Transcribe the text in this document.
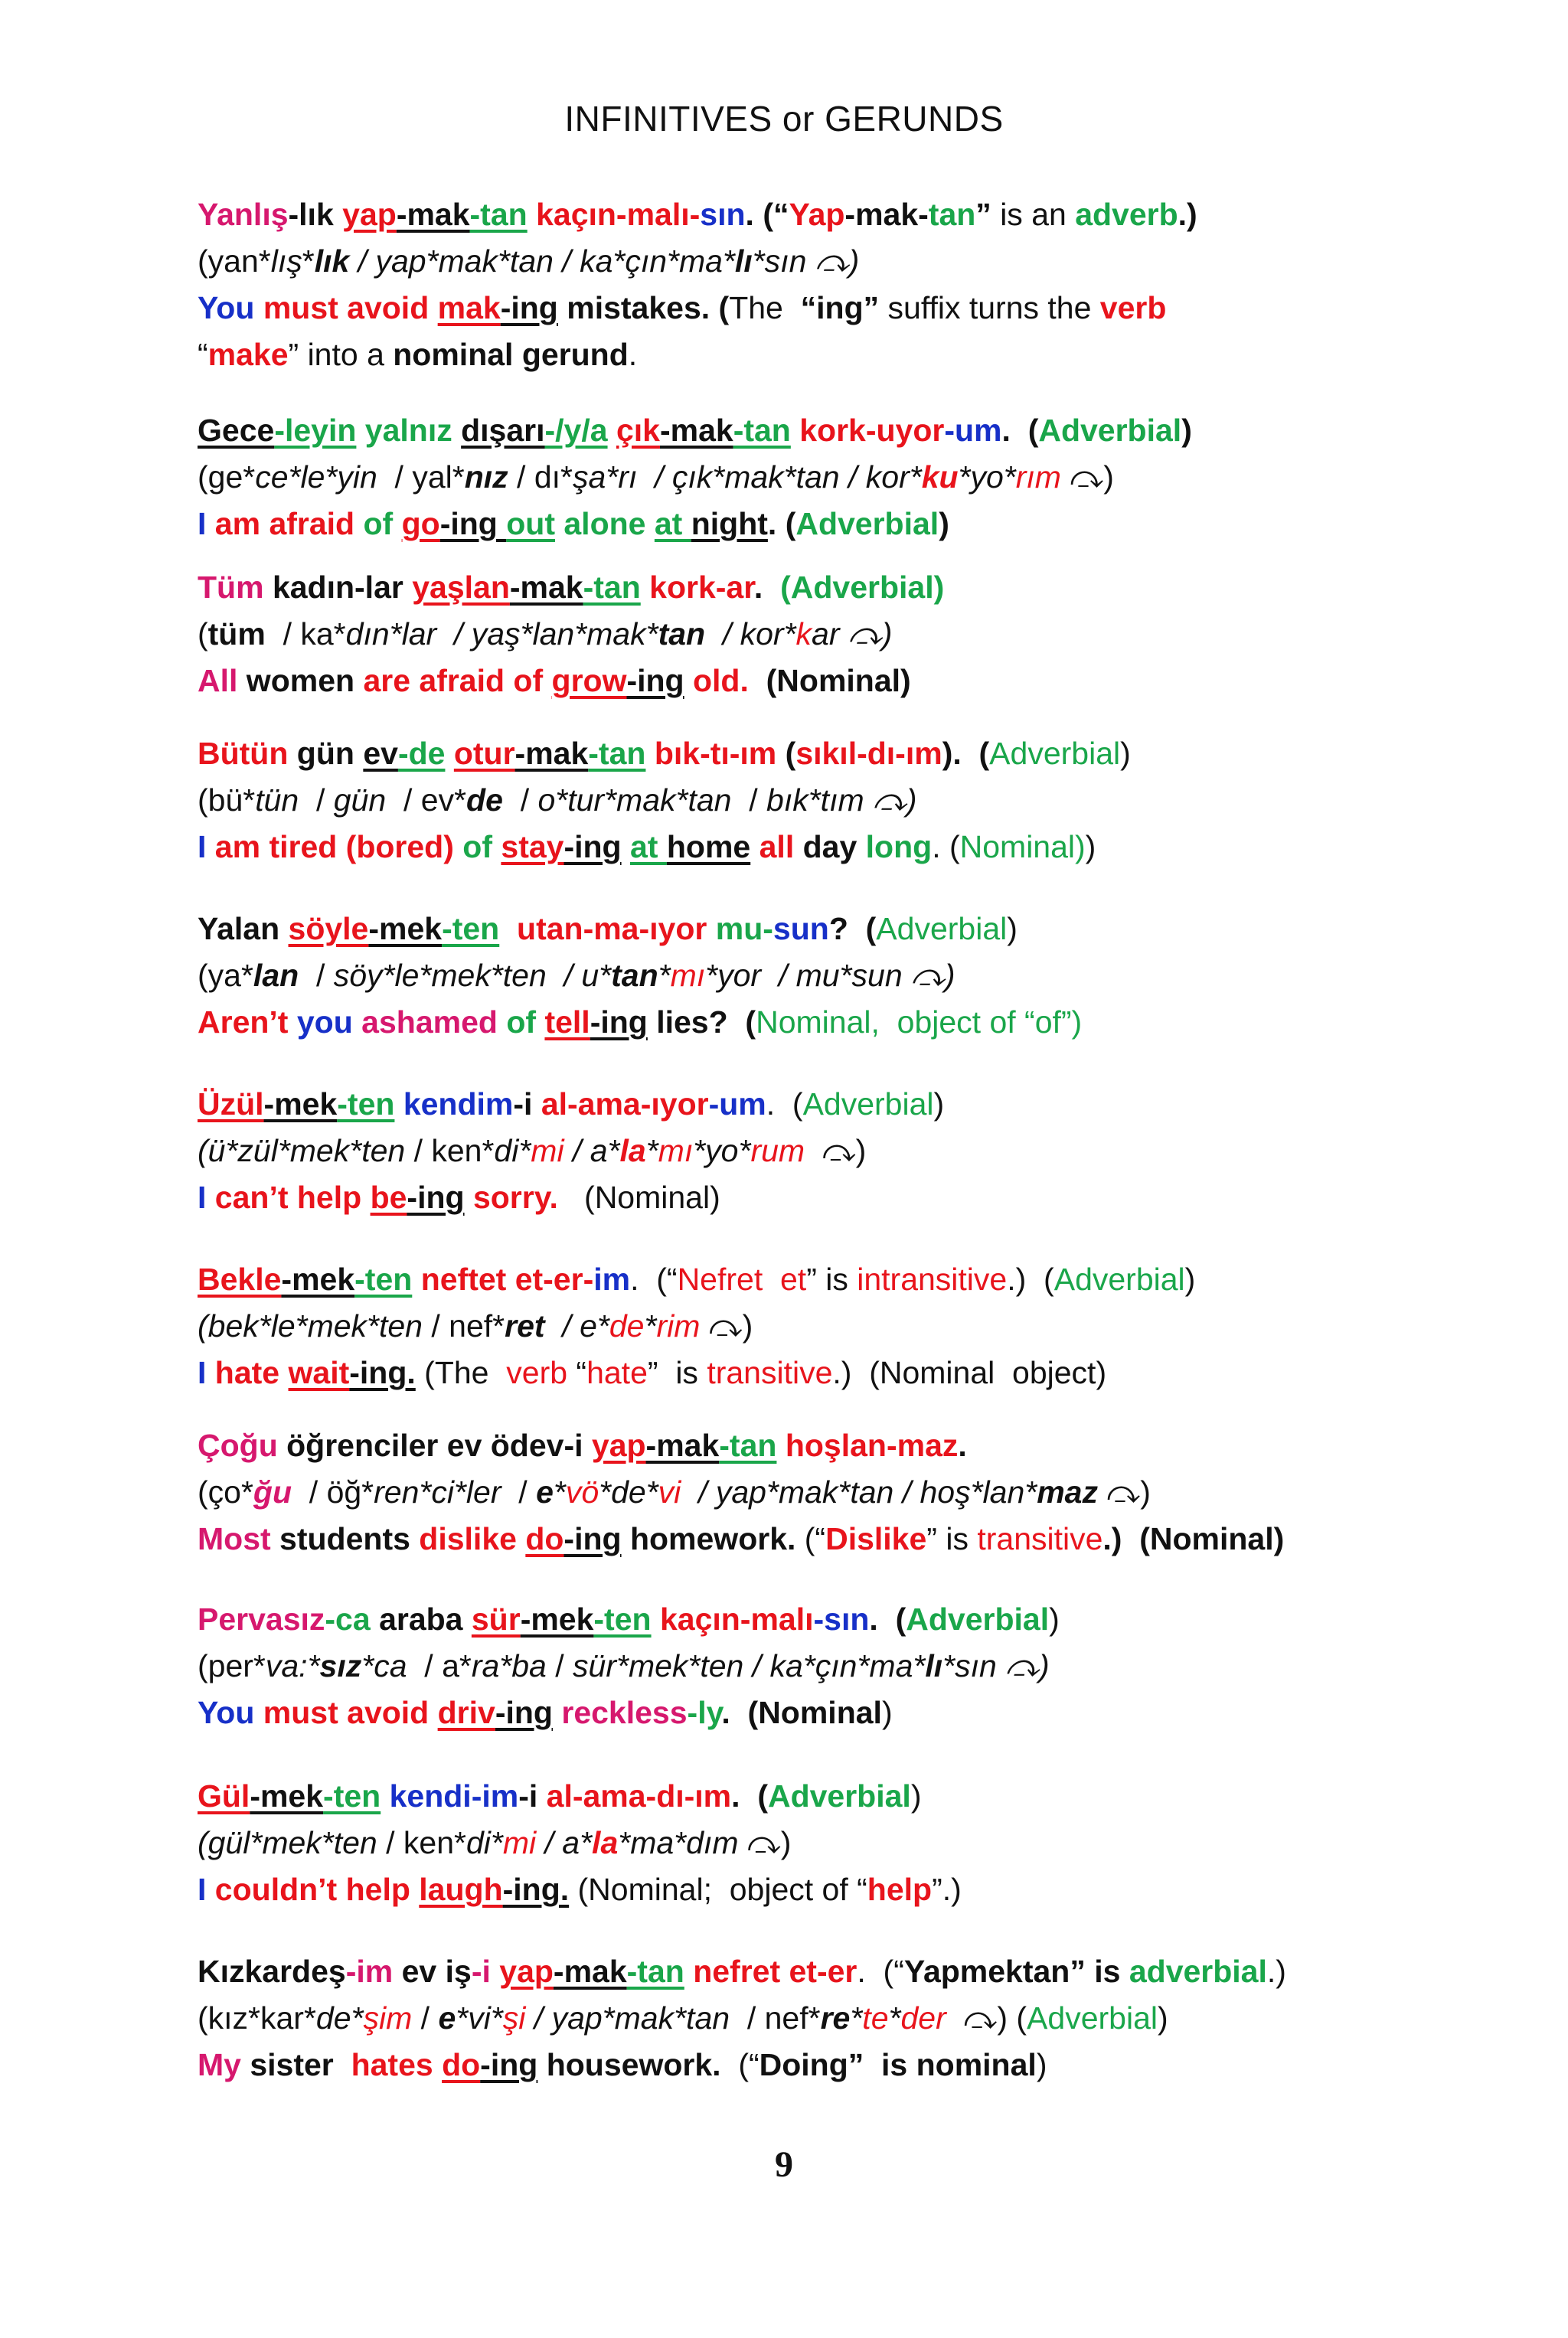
INFINITIVES or GERUNDS
Yanlış-lık yap-mak-tan kaçın-malı-sın. (“Yap-mak-tan” is an adverb.)
(yan*lış*lık / yap*mak*tan / ka*çın*ma*lı*sın ⤼)
You must avoid mak-ing mistakes. (The  “ing” suffix turns the verb
“make” into a nominal gerund.
Gece-leyin yalnız dışarı-/y/a çık-mak-tan kork-uyor-um.  (Adverbial)
(ge*ce*le*yin  / yal*nız / dı*şa*rı  / çık*mak*tan / kor*ku*yo*rım ⤼)
I am afraid of go-ing out alone at night. (Adverbial)
Tüm kadın-lar yaşlan-mak-tan kork-ar.  (Adverbial)
(tüm  / ka*dın*lar  / yaş*lan*mak*tan  / kor*kar ⤼)
All women are afraid of grow-ing old.  (Nominal)
Bütün gün ev-de otur-mak-tan bık-tı-ım (sıkıl-dı-ım).  (Adverbial)
(bü*tün  / gün  / ev*de  / o*tur*mak*tan  / bık*tım ⤼)
I am tired (bored) of stay-ing at home all day long. (Nominal))
Yalan söyle-mek-ten utan-ma-ıyor mu-sun?  (Adverbial)
(ya*lan  / söy*le*mek*ten  / u*tan*mı*yor  / mu*sun ⤼)
Aren’t you ashamed of tell-ing lies?  (Nominal,  object of “of”)
Üzül-mek-ten kendim-i al-ama-ıyor-um.  (Adverbial)
(ü*zül*mek*ten / ken*di*mi / a*la*mı*yo*rum  ⤼)
I can’t help be-ing sorry.   (Nominal)
Bekle-mek-ten neftet et-er-im.  (“Nefret  et” is intransitive.)  (Adverbial)
(bek*le*mek*ten / nef*ret  / e*de*rim ⤼)
I hate wait-ing. (The  verb “hate”  is transitive.)  (Nominal  object)
Çoğu öğrenciler ev ödev-i yap-mak-tan hoşlan-maz.
(ço*ğu  / öğ*ren*ci*ler  / e*vö*de*vi  / yap*mak*tan / hoş*lan*maz ⤼)
Most students dislike do-ing homework. (“Dislike” is transitive.)  (Nominal)
Pervasız-ca araba sür-mek-ten kaçın-malı-sın.  (Adverbial)
(per*va:*sız*ca  / a*ra*ba / sür*mek*ten / ka*çın*ma*lı*sın ⤼)
You must avoid driv-ing reckless-ly.  (Nominal)
Gül-mek-ten kendi-im-i al-ama-dı-ım.  (Adverbial)
(gül*mek*ten / ken*di*mi / a*la*ma*dım ⤼)
I couldn’t help laugh-ing. (Nominal;  object of “help”.)
Kızkardeş-im ev iş-i yap-mak-tan nefret et-er.  (“Yapmektan” is adverbial.)
(kız*kar*de*şim / e*vi*şi / yap*mak*tan  / nef*re*te*der  ⤼) (Adverbial)
My sister  hates do-ing housework.  (“Doing”  is nominal)
9
